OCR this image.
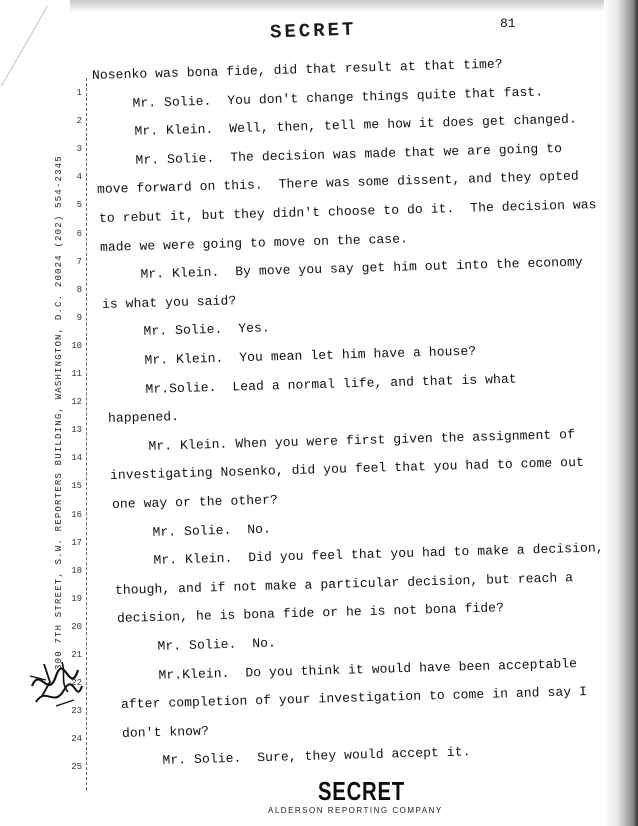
SECRET	81
300 7TH STREET, S.W. REPORTERS BUILDING, WASHINGTON, D.C. 20024 (202) 554-2345
1
Nosenko was bona fide, did that result at that time?
2
Mr. Solie.  You don't change things quite that fast.
3
Mr. Klein.  Well, then, tell me how it does get changed.
4
Mr. Solie.  The decision was made that we are going to
5
move forward on this.  There was some dissent, and they opted
6
to rebut it, but they didn't choose to do it.  The decision was
7
made we were going to move on the case.
8
Mr. Klein.  By move you say get him out into the economy
9
is what you said?
10
Mr. Solie.  Yes.
11
Mr. Klein.  You mean let him have a house?
12
Mr.Solie.  Lead a normal life, and that is what
13
happened.
14
Mr. Klein. When you were first given the assignment of
15
investigating Nosenko, did you feel that you had to come out
16
one way or the other?
17
Mr. Solie.  No.
18
Mr. Klein.  Did you feel that you had to make a decision,
19
though, and if not make a particular decision, but reach a
20
decision, he is bona fide or he is not bona fide?
21
Mr. Solie.  No.
22	Mr.Klein.  Do you think it would have been acceptable
23	after completion of your investigation to come in and say I
24	don't know?
25	Mr. Solie.  Sure, they would accept it.
SECRET
ALDERSON REPORTING COMPANY
